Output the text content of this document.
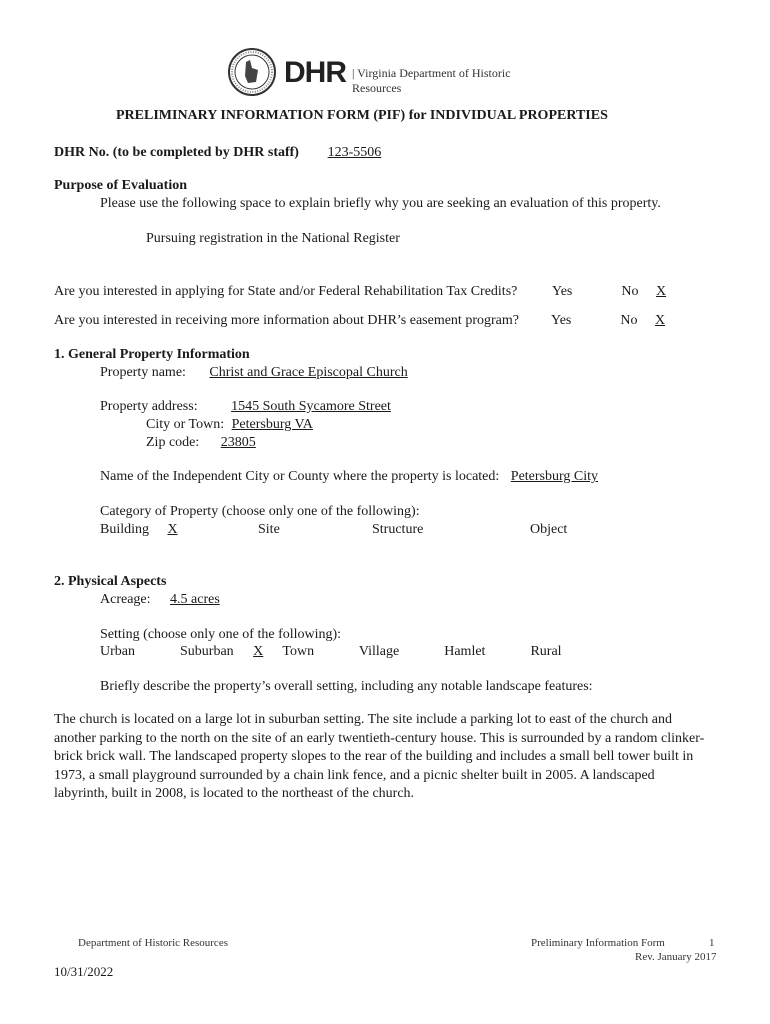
DHR | Virginia Department of Historic Resources
PRELIMINARY INFORMATION FORM (PIF) for INDIVIDUAL PROPERTIES
DHR No. (to be completed by DHR staff) 123-5506
Purpose of Evaluation
Please use the following space to explain briefly why you are seeking an evaluation of this property.
Pursuing registration in the National Register
Are you interested in applying for State and/or Federal Rehabilitation Tax Credits? Yes	No X
Are you interested in receiving more information about DHR’s easement program? Yes	No X
1. General Property Information
Property name: Christ and Grace Episcopal Church
Property address: 1545 South Sycamore Street
City or Town: Petersburg VA
Zip code: 23805
Name of the Independent City or County where the property is located: Petersburg City
Category of Property (choose only one of the following):
Building X	Site	Structure	Object
2. Physical Aspects
Acreage: 4.5 acres
Setting (choose only one of the following):
Urban	Suburban X Town	Village	Hamlet	Rural
Briefly describe the property’s overall setting, including any notable landscape features:
The church is located on a large lot in suburban setting. The site include a parking lot to east of the church and another parking to the north on the site of an early twentieth-century house. This is surrounded by a random clinker-brick brick wall. The landscaped property slopes to the rear of the building and includes a small bell tower built in 1973, a small playground surrounded by a chain link fence, and a picnic shelter built in 2005. A landscaped labyrinth, built in 2008, is located to the northeast of the church.
Department of Historic Resources	Preliminary Information Form	1
Rev. January 2017
10/31/2022
